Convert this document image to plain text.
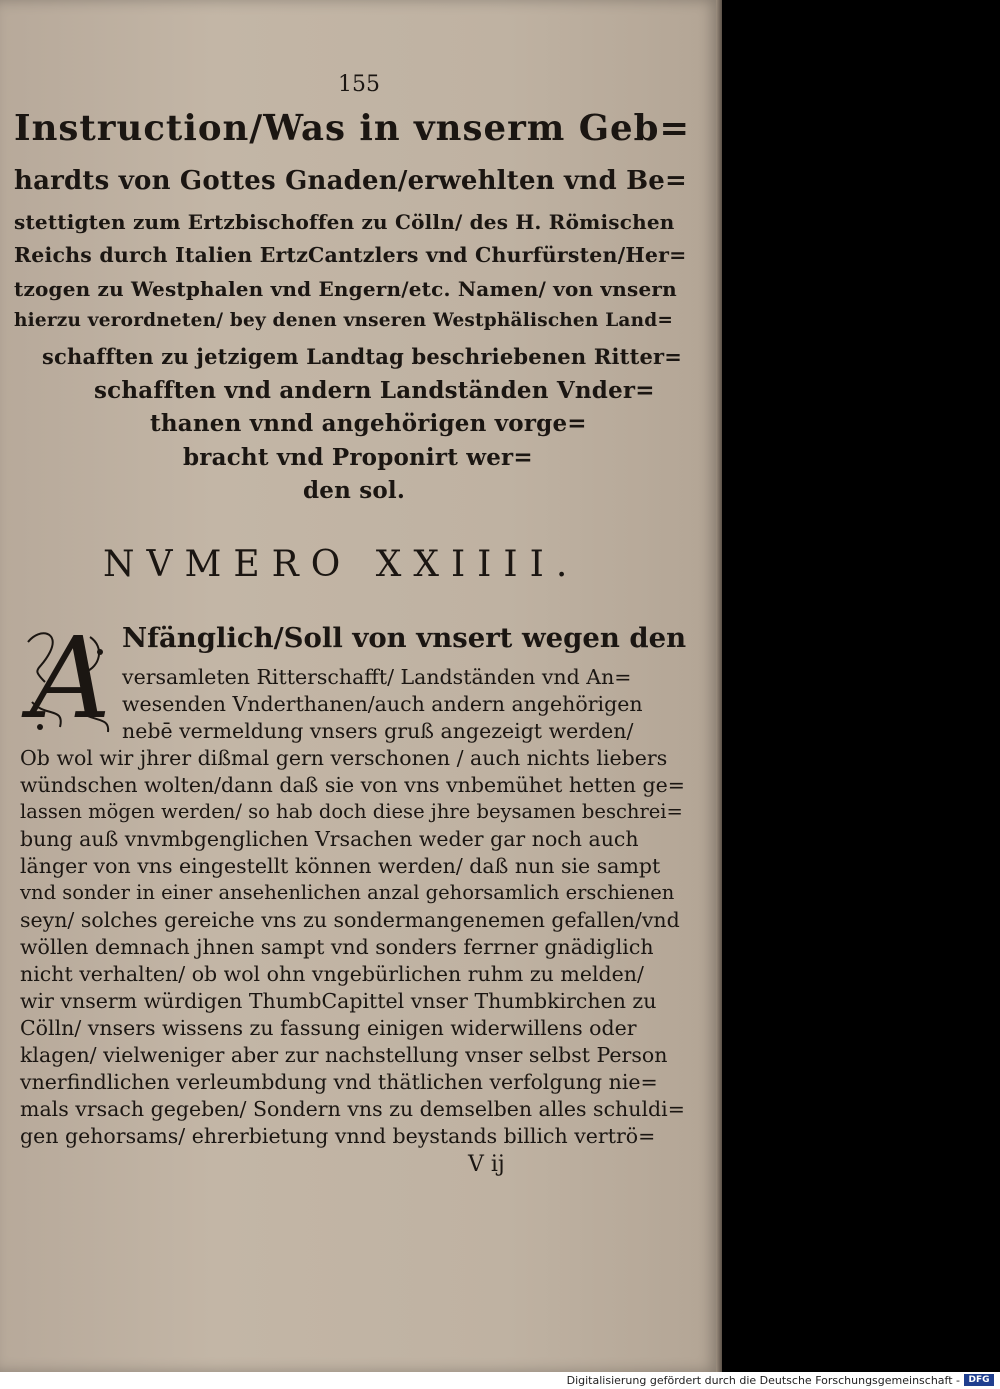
155
Instruction/Was in vnserm Geb=
hardts von Gottes Gnaden/erwehlten vnd Be=
stettigten zum Ertzbischoffen zu Cölln/ des H. Römischen
Reichs durch Italien ErtzCantzlers vnd Churfürsten/Her=
tzogen zu Westphalen vnd Engern/etc. Namen/ von vnsern
hierzu verordneten/ bey denen vnseren Westphälischen Land=
schafften zu jetzigem Landtag beschriebenen Ritter=
schafften vnd andern Landständen Vnder=
thanen vnnd angehörigen vorge=
bracht vnd Proponirt wer=
den sol.
NVMERO XXIIII.
A Nfänglich/Soll von vnsert wegen den
versamleten Ritterschafft/ Landständen vnd An=
wesenden Vnderthanen/auch andern angehörigen
nebē vermeldung vnsers gruß angezeigt werden/
Ob wol wir jhrer dißmal gern verschonen / auch nichts liebers
wündschen wolten/dann daß sie von vns vnbemühet hetten ge=
lassen mögen werden/ so hab doch diese jhre beysamen beschrei=
bung auß vnvmbgenglichen Vrsachen weder gar noch auch
länger von vns eingestellt können werden/ daß nun sie sampt
vnd sonder in einer ansehenlichen anzal gehorsamlich erschienen
seyn/ solches gereiche vns zu sondermangenemen gefallen/vnd
wöllen demnach jhnen sampt vnd sonders ferrner gnädiglich
nicht verhalten/ ob wol ohn vngebürlichen ruhm zu melden/
wir vnserm würdigen ThumbCapittel vnser Thumbkirchen zu
Cölln/ vnsers wissens zu fassung einigen widerwillens oder
klagen/ vielweniger aber zur nachstellung vnser selbst Person
vnerfindlichen verleumbdung vnd thätlichen verfolgung nie=
mals vrsach gegeben/ Sondern vns zu demselben alles schuldi=
gen gehorsams/ ehrerbietung vnnd beystands billich vertrö=
V ij
Digitalisierung gefördert durch die Deutsche Forschungsgemeinschaft - DFG
